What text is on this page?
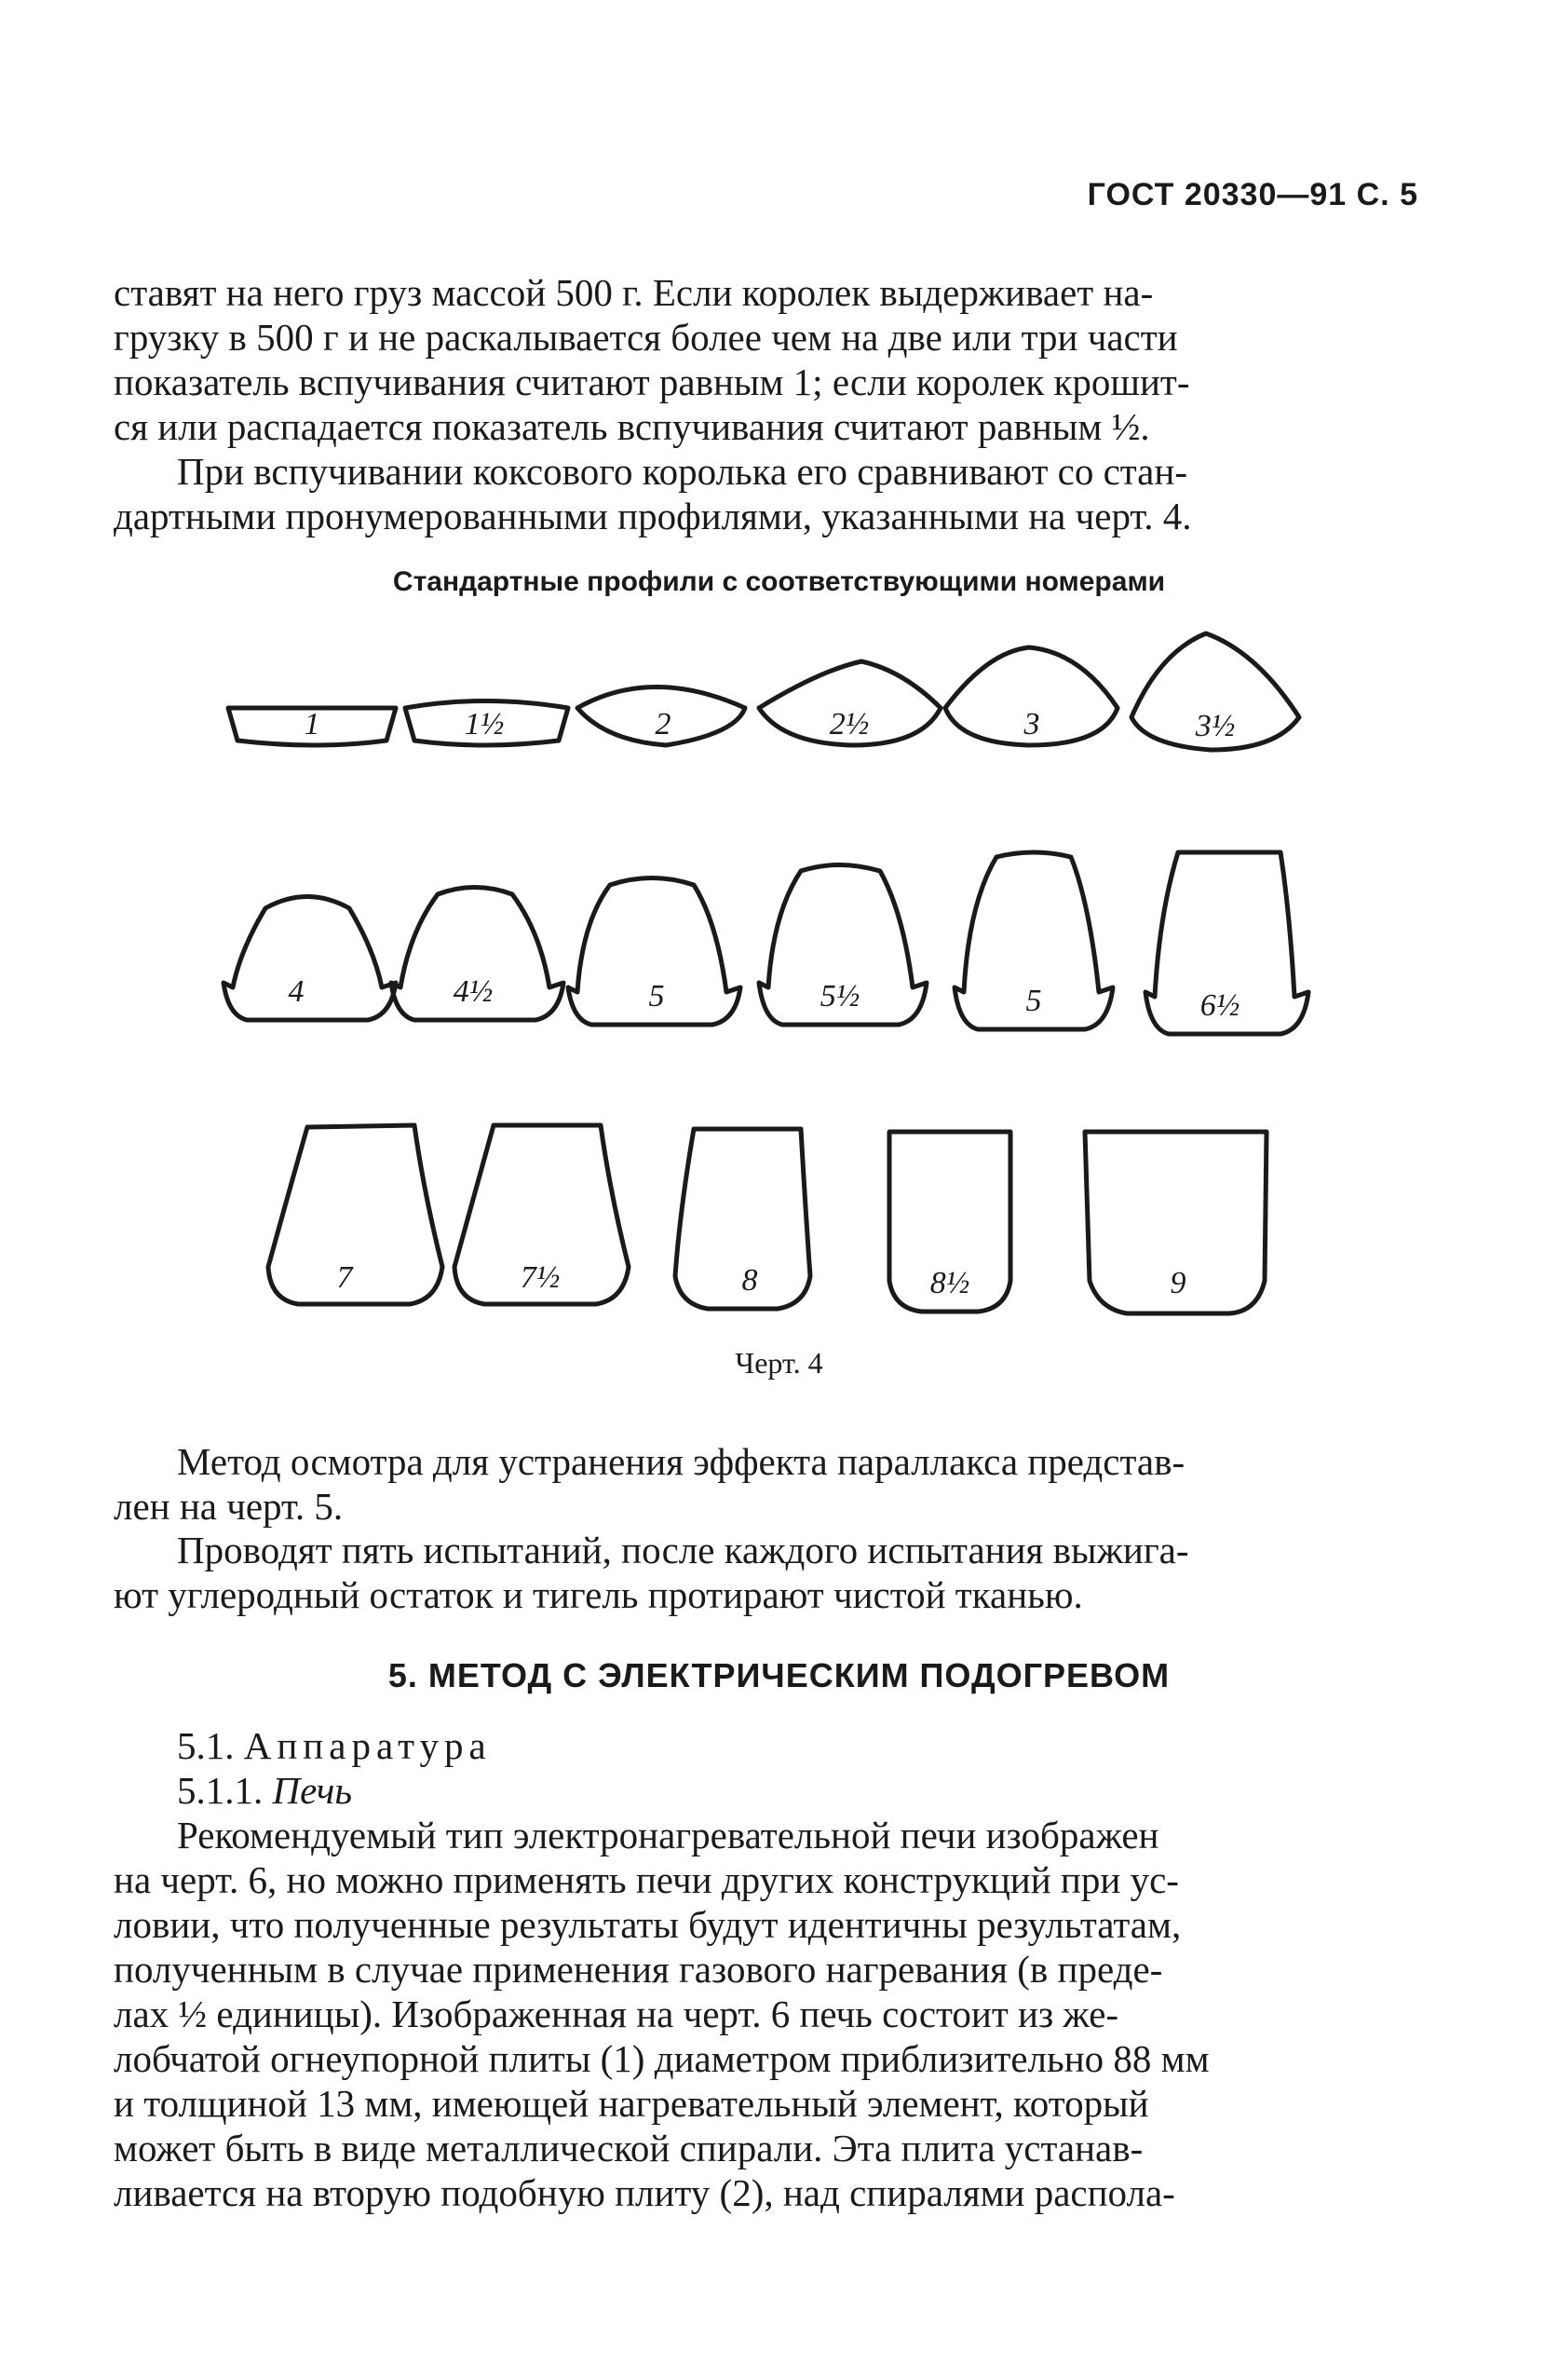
ГОСТ 20330—91 С. 5
ставят на него груз массой 500 г. Если королек выдерживает на-
грузку в 500 г и не раскалывается более чем на две или три части
показатель вспучивания считают равным 1; если королек крошит-
ся или распадается показатель вспучивания считают равным ½.
При вспучивании коксового королька его сравнивают со стан-
дартными пронумерованными профилями, указанными на черт. 4.
Стандартные профили с соответствующими номерами
1	1½	2	2½	3	3½
4	4½	5	5½	5	6½
7	7½	8	8½	9
Черт. 4
Метод осмотра для устранения эффекта параллакса представ-
лен на черт. 5.
Проводят пять испытаний, после каждого испытания выжига-
ют углеродный остаток и тигель протирают чистой тканью.
5. МЕТОД С ЭЛЕКТРИЧЕСКИМ ПОДОГРЕВОМ
5.1. Аппаратура
5.1.1. Печь
Рекомендуемый тип электронагревательной печи изображен
на черт. 6, но можно применять печи других конструкций при ус-
ловии, что полученные результаты будут идентичны результатам,
полученным в случае применения газового нагревания (в преде-
лах ½ единицы). Изображенная на черт. 6 печь состоит из же-
лобчатой огнеупорной плиты (1) диаметром приблизительно 88 мм
и толщиной 13 мм, имеющей нагревательный элемент, который
может быть в виде металлической спирали. Эта плита устанав-
ливается на вторую подобную плиту (2), над спиралями распола-
